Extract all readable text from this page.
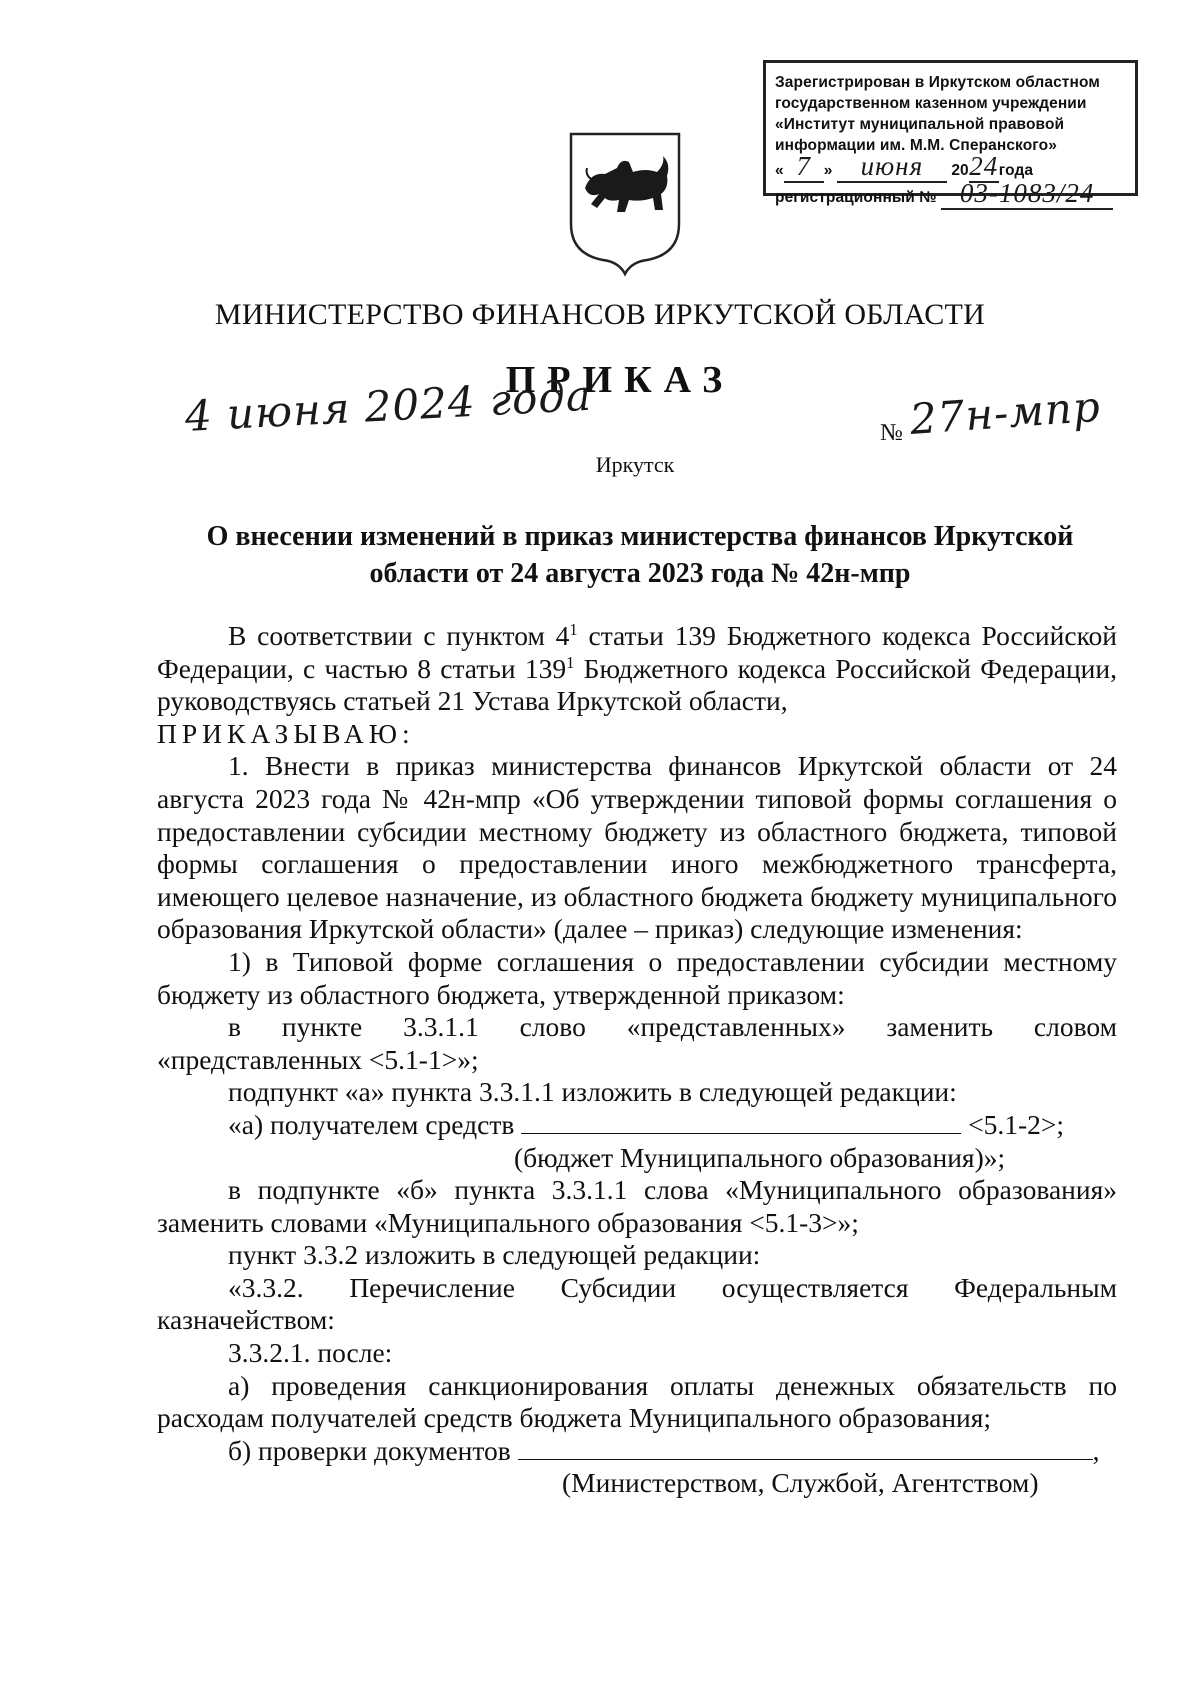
Зарегистрирован в Иркутском областном
государственном казенном учреждении
«Институт муниципальной правовой
информации им. М.М. Сперанского»
« 7 » июня 2024года
регистрационный № 03-1083/24
МИНИСТЕРСТВО ФИНАНСОВ ИРКУТСКОЙ ОБЛАСТИ
ПРИКАЗ
4 июня 2024 года	№ 27н-мпр
Иркутск
О внесении изменений в приказ министерства финансов Иркутской
области от 24 августа 2023 года № 42н-мпр

В соответствии с пунктом $4^1$ статьи 139 Бюджетного кодекса Российской Федерации, с частью 8 статьи $139^1$ Бюджетного кодекса Российской Федерации, руководствуясь статьей 21 Устава Иркутской области,

ПРИКАЗЫВАЮ:

1. Внести в приказ министерства финансов Иркутской области от 24 августа 2023 года № 42н-мпр «Об утверждении типовой формы соглашения о предоставлении субсидии местному бюджету из областного бюджета, типовой формы соглашения о предоставлении иного межбюджетного трансферта, имеющего целевое назначение, из областного бюджета бюджету муниципального образования Иркутской области» (далее – приказ) следующие изменения:

1) в Типовой форме соглашения о предоставлении субсидии местному бюджету из областного бюджета, утвержденной приказом:

в пункте 3.3.1.1 слово «представленных» заменить словом «представленных <5.1-1>»;

подпункт «а» пункта 3.3.1.1 изложить в следующей редакции:

«а) получателем средств	<5.1-2>;

(бюджет Муниципального образования)»;

в подпункте «б» пункта 3.3.1.1 слова «Муниципального образования» заменить словами «Муниципального образования <5.1-3>»;

пункт 3.3.2 изложить в следующей редакции:

«3.3.2. Перечисление Субсидии осуществляется Федеральным казначейством:

3.3.2.1. после:

а) проведения санкционирования оплаты денежных обязательств по расходам получателей средств бюджета Муниципального образования;

б) проверки документов	,

(Министерством, Службой, Агентством)
